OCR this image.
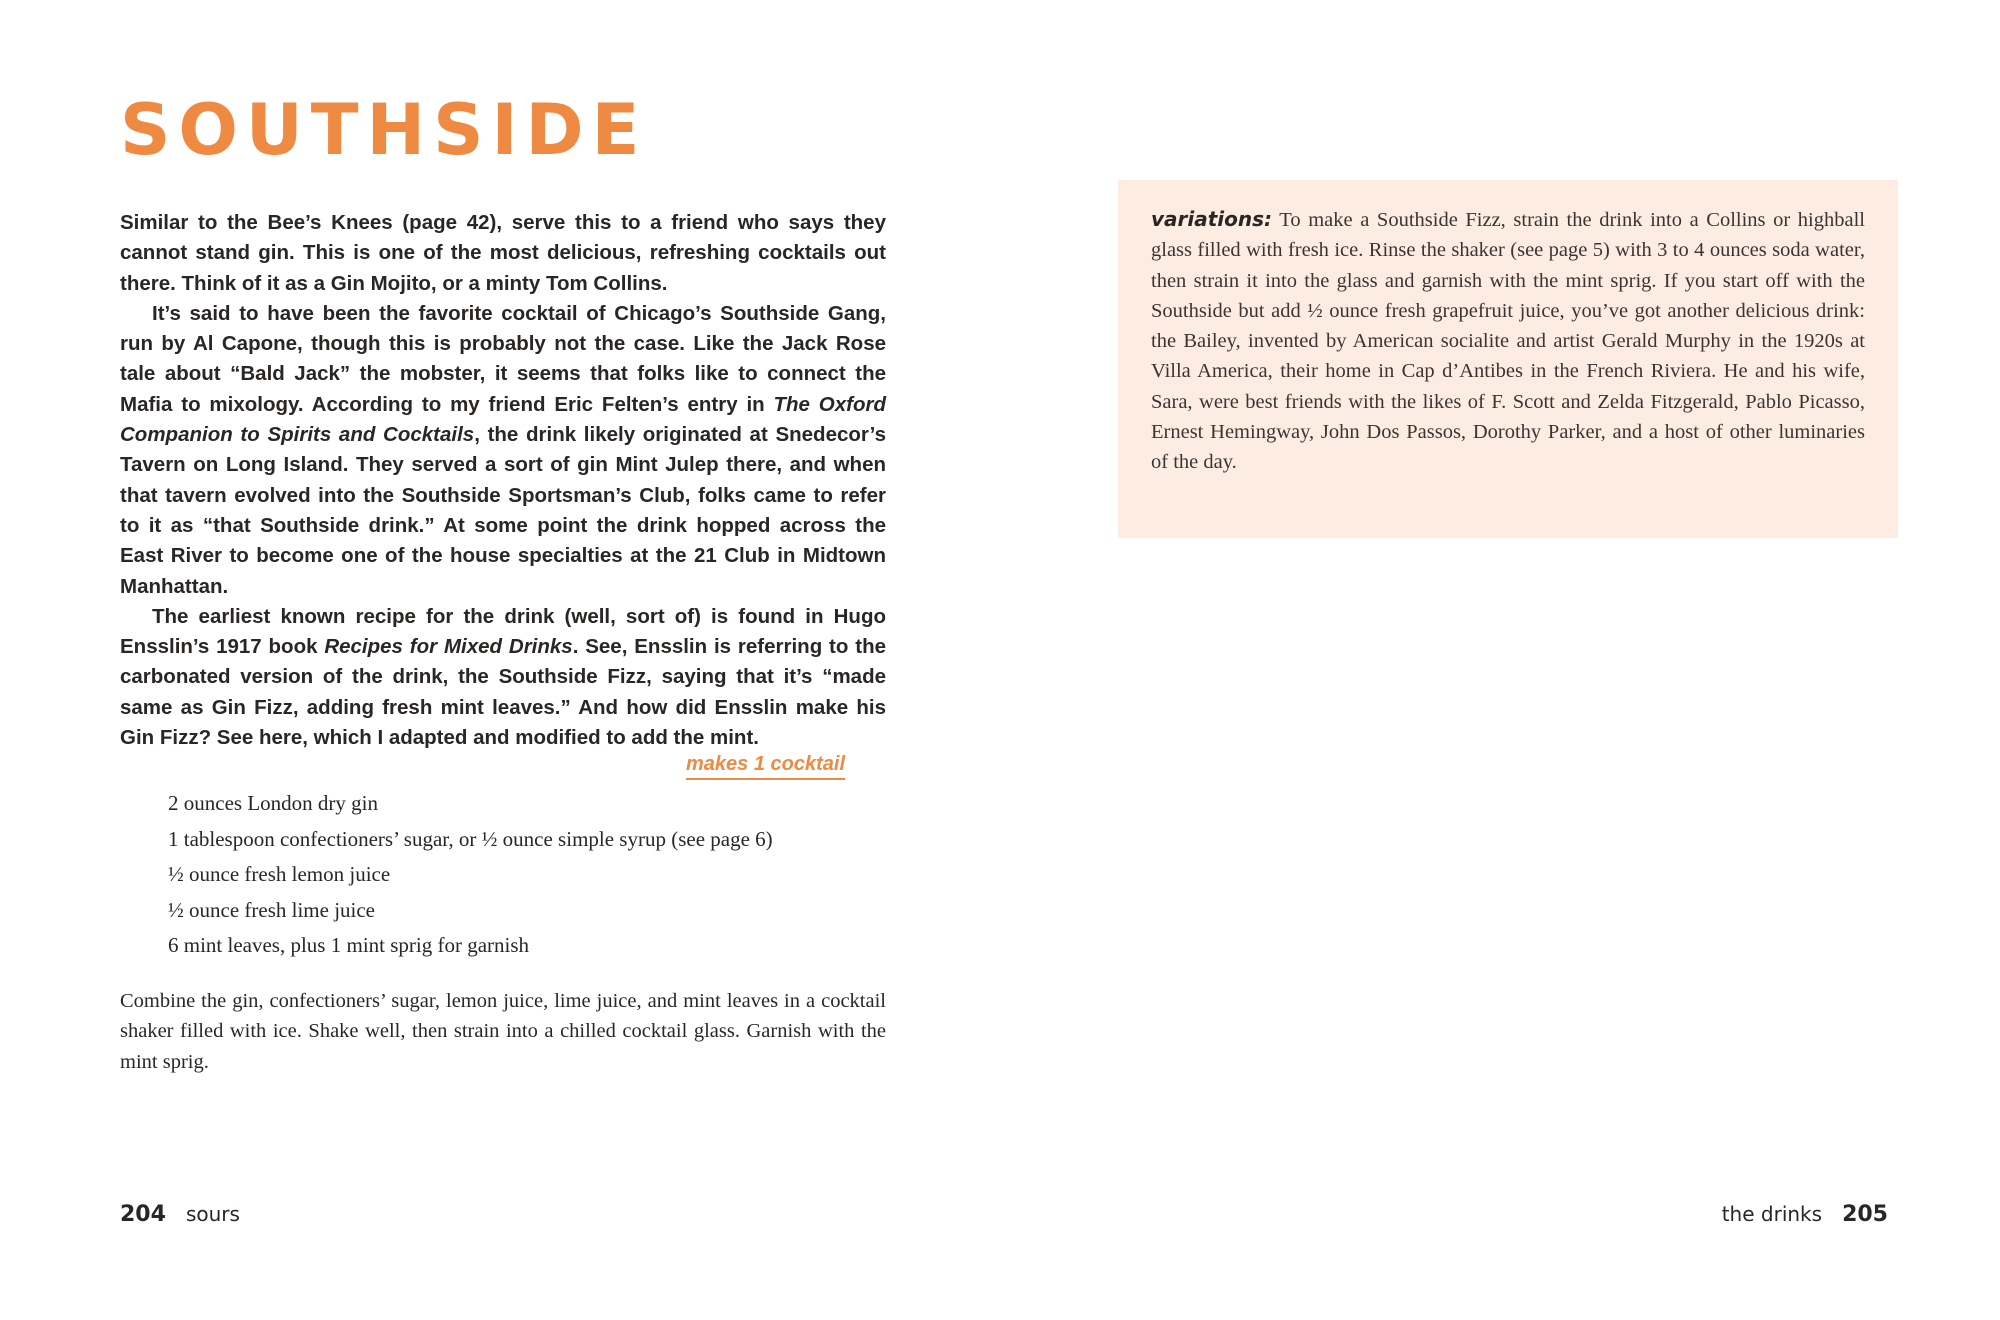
SOUTHSIDE

Similar to the Bee’s Knees (page 42), serve this to a friend who says they cannot stand gin. This is one of the most delicious, refreshing cocktails out there. Think of it as a Gin Mojito, or a minty Tom Collins.

It’s said to have been the favorite cocktail of Chicago’s Southside Gang, run by Al Capone, though this is probably not the case. Like the Jack Rose tale about “Bald Jack” the mobster, it seems that folks like to connect the Mafia to mixology. According to my friend Eric Felten’s entry in The Oxford Companion to Spirits and Cocktails, the drink likely originated at Snedecor’s Tavern on Long Island. They served a sort of gin Mint Julep there, and when that tavern evolved into the Southside Sportsman’s Club, folks came to refer to it as “that Southside drink.” At some point the drink hopped across the East River to become one of the house specialties at the 21 Club in Midtown Manhattan.

The earliest known recipe for the drink (well, sort of) is found in Hugo Ensslin’s 1917 book Recipes for Mixed Drinks. See, Ensslin is referring to the carbonated version of the drink, the Southside Fizz, saying that it’s “made same as Gin Fizz, adding fresh mint leaves.” And how did Ensslin make his Gin Fizz? See here, which I adapted and modified to add the mint.

makes 1 cocktail
2 ounces London dry gin
1 tablespoon confectioners’ sugar, or ½ ounce simple syrup (see page 6)
½ ounce fresh lemon juice
½ ounce fresh lime juice
6 mint leaves, plus 1 mint sprig for garnish

Combine the gin, confectioners’ sugar, lemon juice, lime juice, and mint leaves in a cocktail shaker filled with ice. Shake well, then strain into a chilled cocktail glass. Garnish with the mint sprig.

variations: To make a Southside Fizz, strain the drink into a Collins or highball glass filled with fresh ice. Rinse the shaker (see page 5) with 3 to 4 ounces soda water, then strain it into the glass and garnish with the mint sprig. If you start off with the Southside but add ½ ounce fresh grapefruit juice, you’ve got another delicious drink: the Bailey, invented by American socialite and artist Gerald Murphy in the 1920s at Villa America, their home in Cap d’Antibes in the French Riviera. He and his wife, Sara, were best friends with the likes of F. Scott and Zelda Fitzgerald, Pablo Picasso, Ernest Hemingway, John Dos Passos, Dorothy Parker, and a host of other luminaries of the day.

204 sours	the drinks 205
